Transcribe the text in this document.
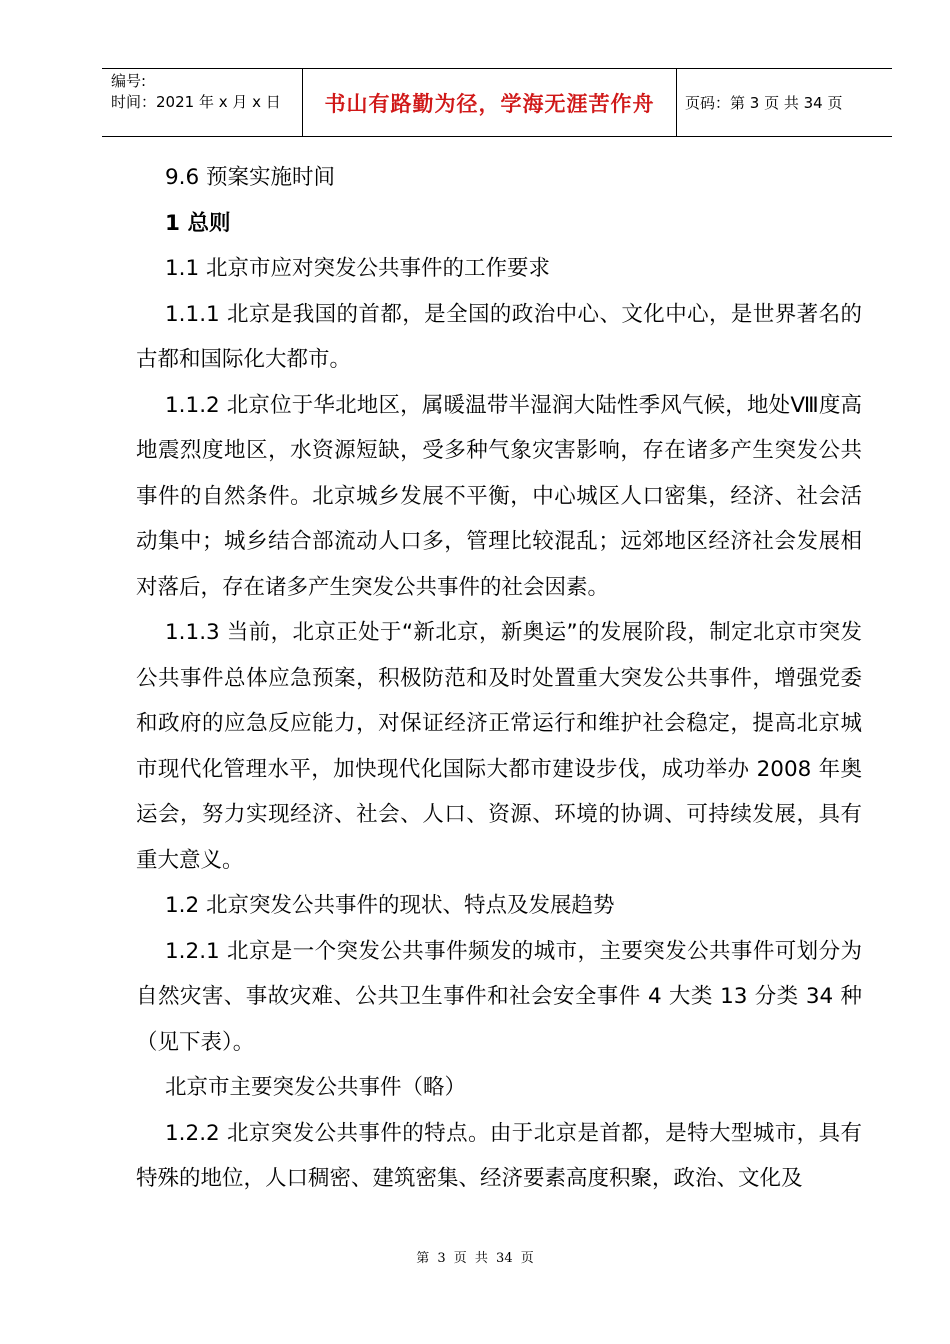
编号:
时间：2021 年 x 月 x 日	书山有路勤为径，学海无涯苦作舟	页码：第 3 页 共 34 页

9.6 预案实施时间

1 总则

1.1 北京市应对突发公共事件的工作要求

1.1.1 北京是我国的首都，是全国的政治中心、文化中心，是世界著名的古都和国际化大都市。

1.1.2 北京位于华北地区，属暖温带半湿润大陆性季风气候，地处Ⅷ度高地震烈度地区，水资源短缺，受多种气象灾害影响，存在诸多产生突发公共事件的自然条件。北京城乡发展不平衡，中心城区人口密集，经济、社会活动集中；城乡结合部流动人口多，管理比较混乱；远郊地区经济社会发展相对落后，存在诸多产生突发公共事件的社会因素。

1.1.3 当前，北京正处于“新北京，新奥运”的发展阶段，制定北京市突发公共事件总体应急预案，积极防范和及时处置重大突发公共事件，增强党委和政府的应急反应能力，对保证经济正常运行和维护社会稳定，提高北京城市现代化管理水平，加快现代化国际大都市建设步伐，成功举办 2008 年奥运会，努力实现经济、社会、人口、资源、环境的协调、可持续发展，具有重大意义。

1.2 北京突发公共事件的现状、特点及发展趋势

1.2.1 北京是一个突发公共事件频发的城市，主要突发公共事件可划分为自然灾害、事故灾难、公共卫生事件和社会安全事件 4 大类 13 分类 34 种（见下表）。

北京市主要突发公共事件（略）

1.2.2 北京突发公共事件的特点。由于北京是首都，是特大型城市，具有特殊的地位，人口稠密、建筑密集、经济要素高度积聚，政治、文化及

第 3 页 共 34 页
